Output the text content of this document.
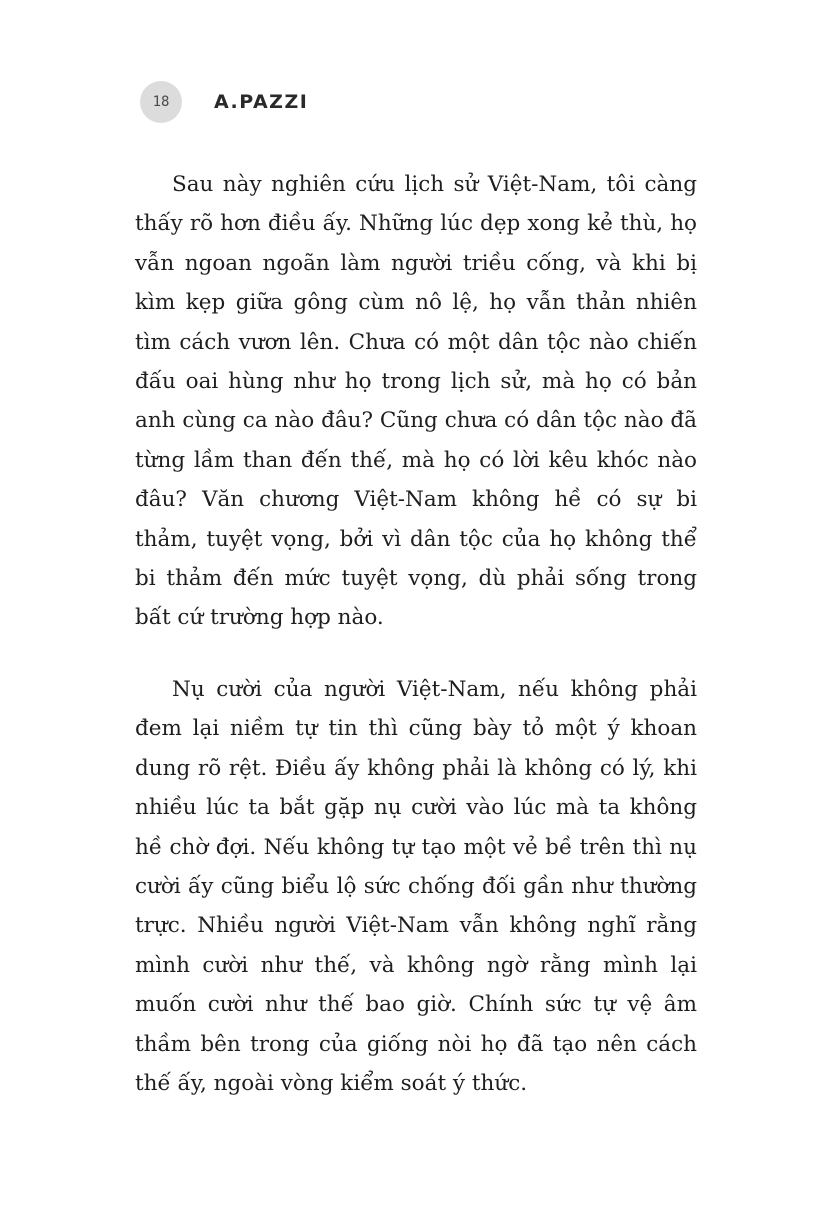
18 A.PAZZI

Sau này nghiên cứu lịch sử Việt-Nam, tôi càng thấy rõ hơn điều ấy. Những lúc dẹp xong kẻ thù, họ vẫn ngoan ngoãn làm người triều cống, và khi bị kìm kẹp giữa gông cùm nô lệ, họ vẫn thản nhiên tìm cách vươn lên. Chưa có một dân tộc nào chiến đấu oai hùng như họ trong lịch sử, mà họ có bản anh cùng ca nào đâu? Cũng chưa có dân tộc nào đã từng lầm than đến thế, mà họ có lời kêu khóc nào đâu? Văn chương Việt-Nam không hề có sự bi thảm, tuyệt vọng, bởi vì dân tộc của họ không thể bi thảm đến mức tuyệt vọng, dù phải sống trong bất cứ trường hợp nào.

Nụ cười của người Việt-Nam, nếu không phải đem lại niềm tự tin thì cũng bày tỏ một ý khoan dung rõ rệt. Điều ấy không phải là không có lý, khi nhiều lúc ta bắt gặp nụ cười vào lúc mà ta không hề chờ đợi. Nếu không tự tạo một vẻ bề trên thì nụ cười ấy cũng biểu lộ sức chống đối gần như thường trực. Nhiều người Việt-Nam vẫn không nghĩ rằng mình cười như thế, và không ngờ rằng mình lại muốn cười như thế bao giờ. Chính sức tự vệ âm thầm bên trong của giống nòi họ đã tạo nên cách thế ấy, ngoài vòng kiểm soát ý thức.
